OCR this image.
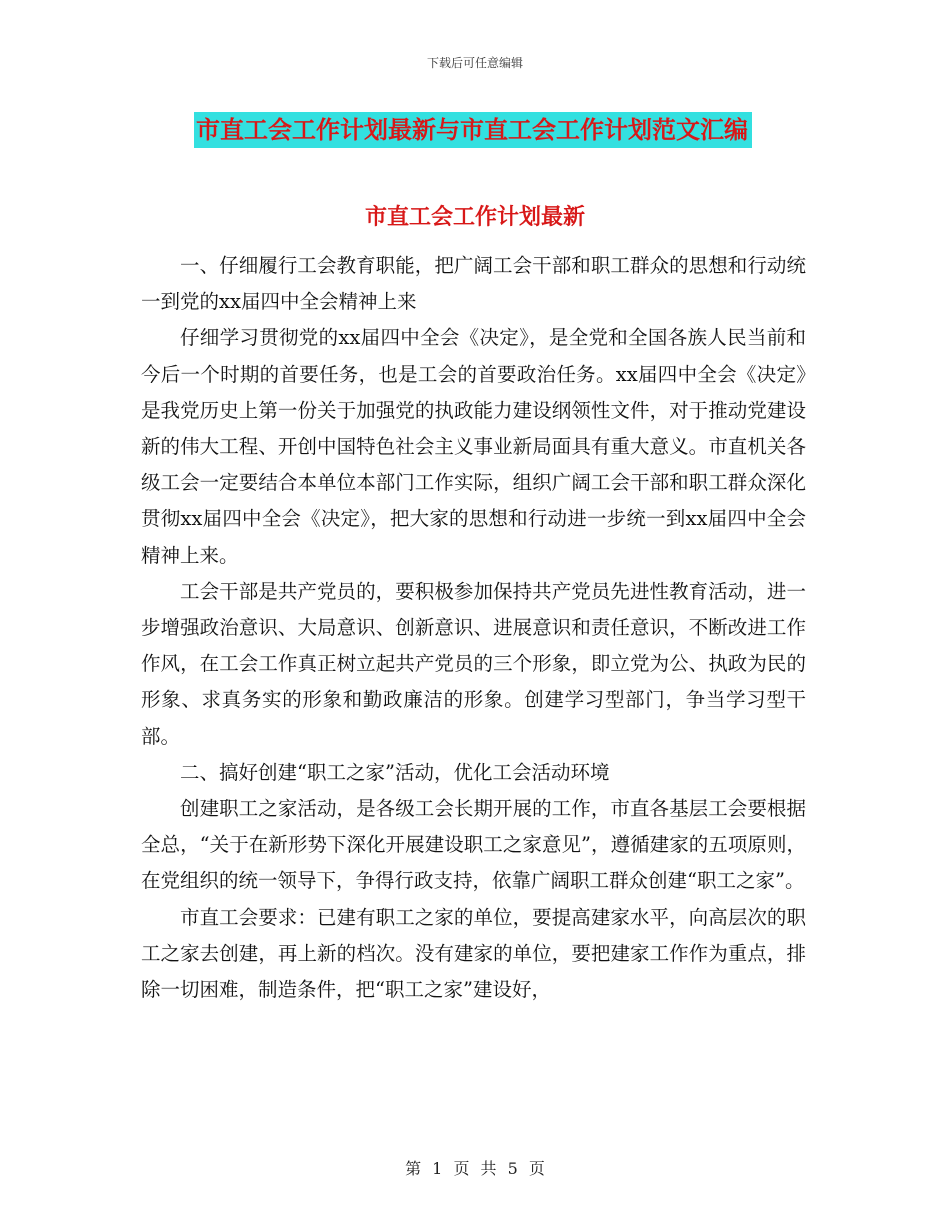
下载后可任意编辑
市直工会工作计划最新与市直工会工作计划范文汇编
市直工会工作计划最新

一、仔细履行工会教育职能，把广阔工会干部和职工群众的思想和行动统一到党的xx届四中全会精神上来

仔细学习贯彻党的xx届四中全会《决定》，是全党和全国各族人民当前和今后一个时期的首要任务，也是工会的首要政治任务。xx届四中全会《决定》是我党历史上第一份关于加强党的执政能力建设纲领性文件，对于推动党建设新的伟大工程、开创中国特色社会主义事业新局面具有重大意义。市直机关各级工会一定要结合本单位本部门工作实际，组织广阔工会干部和职工群众深化贯彻xx届四中全会《决定》，把大家的思想和行动进一步统一到xx届四中全会精神上来。

工会干部是共产党员的，要积极参加保持共产党员先进性教育活动，进一步增强政治意识、大局意识、创新意识、进展意识和责任意识，不断改进工作作风，在工会工作真正树立起共产党员的三个形象，即立党为公、执政为民的形象、求真务实的形象和勤政廉洁的形象。创建学习型部门，争当学习型干部。

二、搞好创建“职工之家”活动，优化工会活动环境

创建职工之家活动，是各级工会长期开展的工作，市直各基层工会要根据全总，“关于在新形势下深化开展建设职工之家意见”，遵循建家的五项原则，在党组织的统一领导下，争得行政支持，依靠广阔职工群众创建“职工之家”。

市直工会要求：已建有职工之家的单位，要提高建家水平，向高层次的职工之家去创建，再上新的档次。没有建家的单位，要把建家工作作为重点，排除一切困难，制造条件，把“职工之家”建设好，

第 1 页 共 5 页
